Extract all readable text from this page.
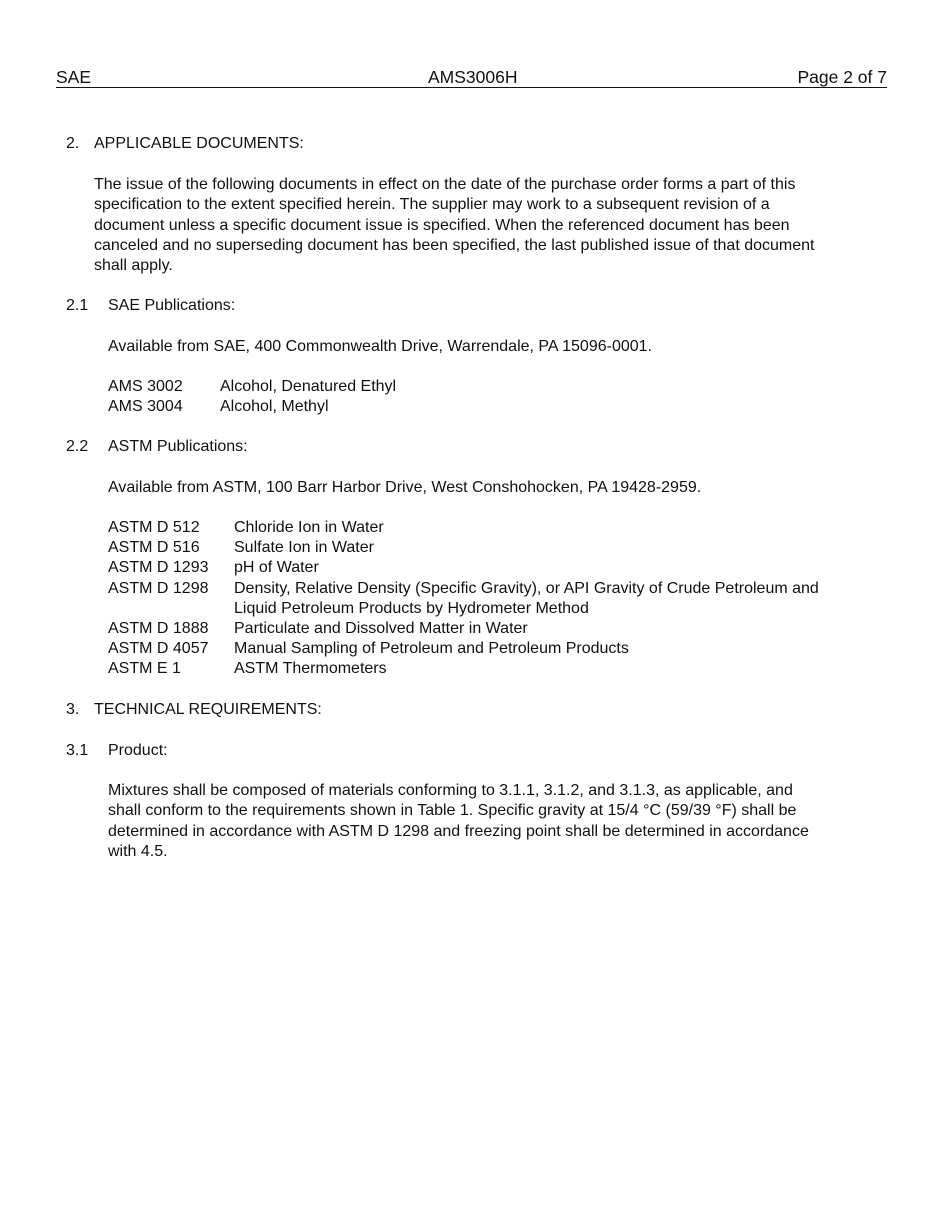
SAE	AMS3006H	Page 2 of 7
2. APPLICABLE DOCUMENTS:
The issue of the following documents in effect on the date of the purchase order forms a part of this
specification to the extent specified herein. The supplier may work to a subsequent revision of a
document unless a specific document issue is specified. When the referenced document has been
canceled and no superseding document has been specified, the last published issue of that document
shall apply.
2.1 SAE Publications:
Available from SAE, 400 Commonwealth Drive, Warrendale, PA 15096-0001.
AMS 3002	Alcohol, Denatured Ethyl
AMS 3004	Alcohol, Methyl
2.2 ASTM Publications:
Available from ASTM, 100 Barr Harbor Drive, West Conshohocken, PA 19428-2959.
ASTM D 512	Chloride Ion in Water
ASTM D 516	Sulfate Ion in Water
ASTM D 1293	pH of Water
ASTM D 1298	Density, Relative Density (Specific Gravity), or API Gravity of Crude Petroleum and
Liquid Petroleum Products by Hydrometer Method

ASTM D 1888	Particulate and Dissolved Matter in Water
ASTM D 4057	Manual Sampling of Petroleum and Petroleum Products
ASTM E 1	ASTM Thermometers
3. TECHNICAL REQUIREMENTS:
3.1 Product:
Mixtures shall be composed of materials conforming to 3.1.1, 3.1.2, and 3.1.3, as applicable, and
shall conform to the requirements shown in Table 1. Specific gravity at 15/4 °C (59/39 °F) shall be
determined in accordance with ASTM D 1298 and freezing point shall be determined in accordance
with 4.5.
